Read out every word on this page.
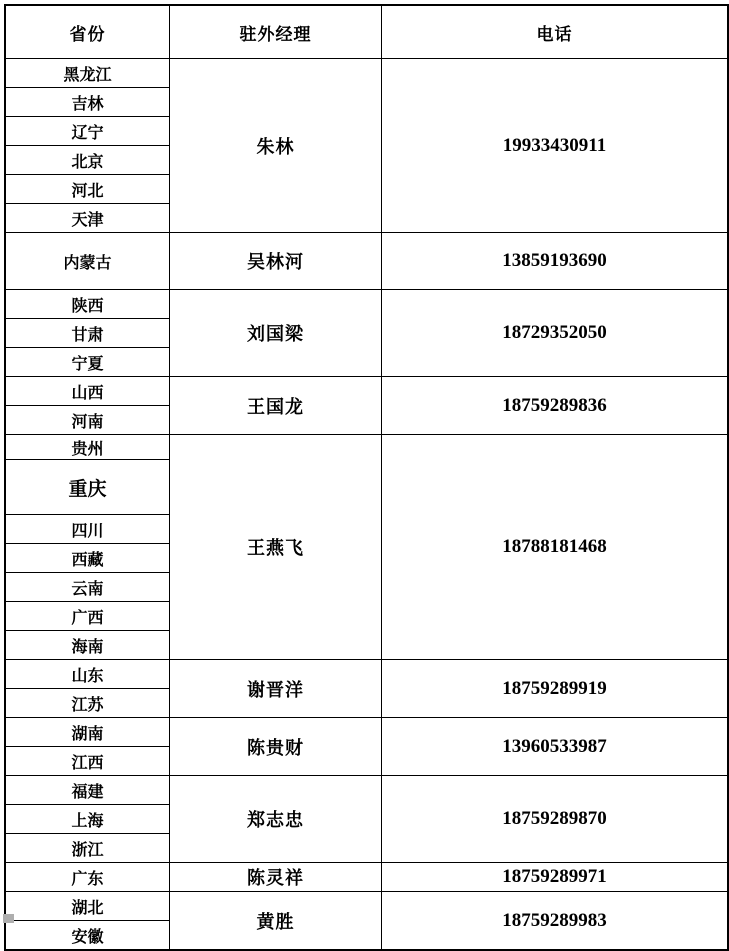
省份	驻外经理	电话
黑龙江	朱林	19933430911
吉林		
辽宁		
北京		
河北		
天津		
内蒙古	吴林河	13859193690
陕西	刘国梁	18729352050
甘肃		
宁夏		
山西	王国龙	18759289836
河南		
贵州	王燕飞	18788181468
重庆		
四川		
西藏		
云南		
广西		
海南		
山东	谢晋洋	18759289919
江苏		
湖南	陈贵财	13960533987
江西		
福建	郑志忠	18759289870
上海		
浙江		
广东	陈灵祥	18759289971
湖北	黄胜	18759289983
安徽		
